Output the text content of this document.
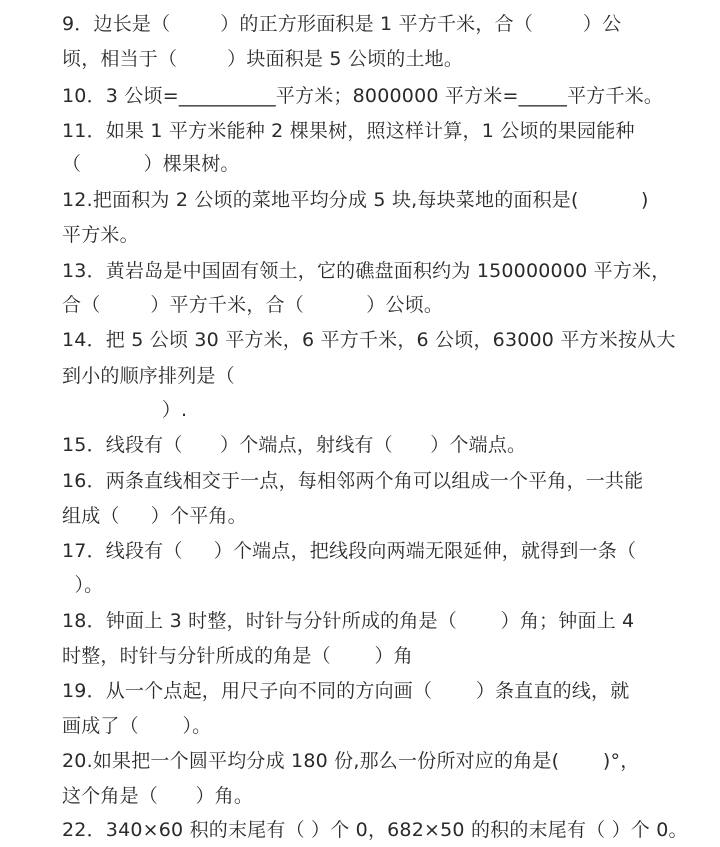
9．边长是（        ）的正方形面积是 1 平方千米，合（        ）公
顷，相当于（        ）块面积是 5 公顷的土地。
10．3 公顷=__________平方米；8000000 平方米=_____平方千米。
11．如果 1 平方米能种 2 棵果树，照这样计算，1 公顷的果园能种
（          ）棵果树。
12.把面积为 2 公顷的菜地平均分成 5 块,每块菜地的面积是(          )
平方米。
13．黄岩岛是中国固有领土，它的礁盘面积约为 150000000 平方米，
合（        ）平方千米，合（          ）公顷。
14．把 5 公顷 30 平方米，6 平方千米，6 公顷，63000 平方米按从大
到小的顺序排列是（
）.
15．线段有（      ）个端点，射线有（      ）个端点。
16．两条直线相交于一点，每相邻两个角可以组成一个平角，一共能
组成（     ）个平角。
17．线段有（     ）个端点，把线段向两端无限延伸，就得到一条（
）。
18．钟面上 3 时整，时针与分针所成的角是（       ）角；钟面上 4
时整，时针与分针所成的角是（       ）角
19．从一个点起，用尺子向不同的方向画（       ）条直直的线，就
画成了（       ）。
20.如果把一个圆平均分成 180 份,那么一份所对应的角是(       )°，
这个角是（      ）角。
22．340×60 积的末尾有（ ）个 0，682×50 的积的末尾有（ ）个 0。
